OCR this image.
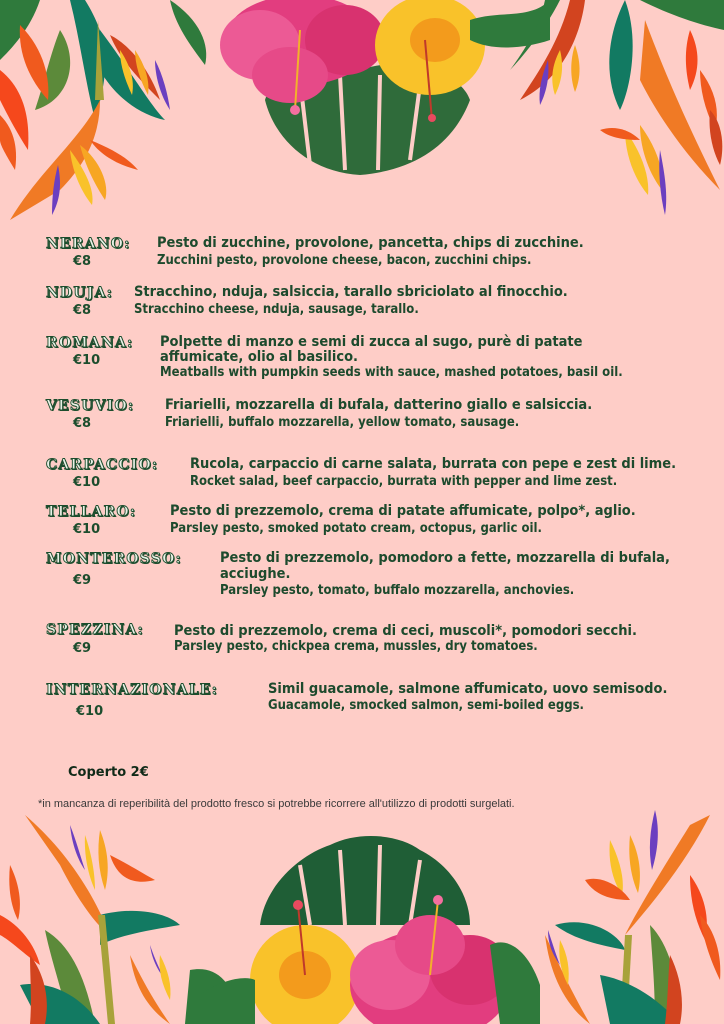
NERANO:
€8
Pesto di zucchine, provolone, pancetta, chips di zucchine.
Zucchini pesto, provolone cheese, bacon, zucchini chips.
NDUJA:
€8
Stracchino, nduja, salsiccia, tarallo sbriciolato al finocchio.
Stracchino cheese, nduja, sausage, tarallo.
ROMANA:
€10
Polpette di manzo e semi di zucca al sugo, purè di patate
affumicate, olio al basilico.
Meatballs with pumpkin seeds with sauce, mashed potatoes, basil oil.
VESUVIO:
€8
Friarielli, mozzarella di bufala, datterino giallo e salsiccia.
Friarielli, buffalo mozzarella, yellow tomato, sausage.
CARPACCIO:
€10
Rucola, carpaccio di carne salata, burrata con pepe e zest di lime.
Rocket salad, beef carpaccio, burrata with pepper and lime zest.
TELLARO:
€10
Pesto di prezzemolo, crema di patate affumicate, polpo*, aglio.
Parsley pesto, smoked potato cream, octopus, garlic oil.
MONTEROSSO:
€9
Pesto di prezzemolo, pomodoro a fette, mozzarella di bufala,
acciughe.
Parsley pesto, tomato, buffalo mozzarella, anchovies.
SPEZZINA:
€9
Pesto di prezzemolo, crema di ceci, muscoli*, pomodori secchi.
Parsley pesto, chickpea crema, mussles, dry tomatoes.
INTERNAZIONALE:
€10
Simil guacamole, salmone affumicato, uovo semisodo.
Guacamole, smocked salmon, semi-boiled eggs.
Coperto 2€
*in mancanza di reperibilità del prodotto fresco si potrebbe ricorrere all'utilizzo di prodotti surgelati.
